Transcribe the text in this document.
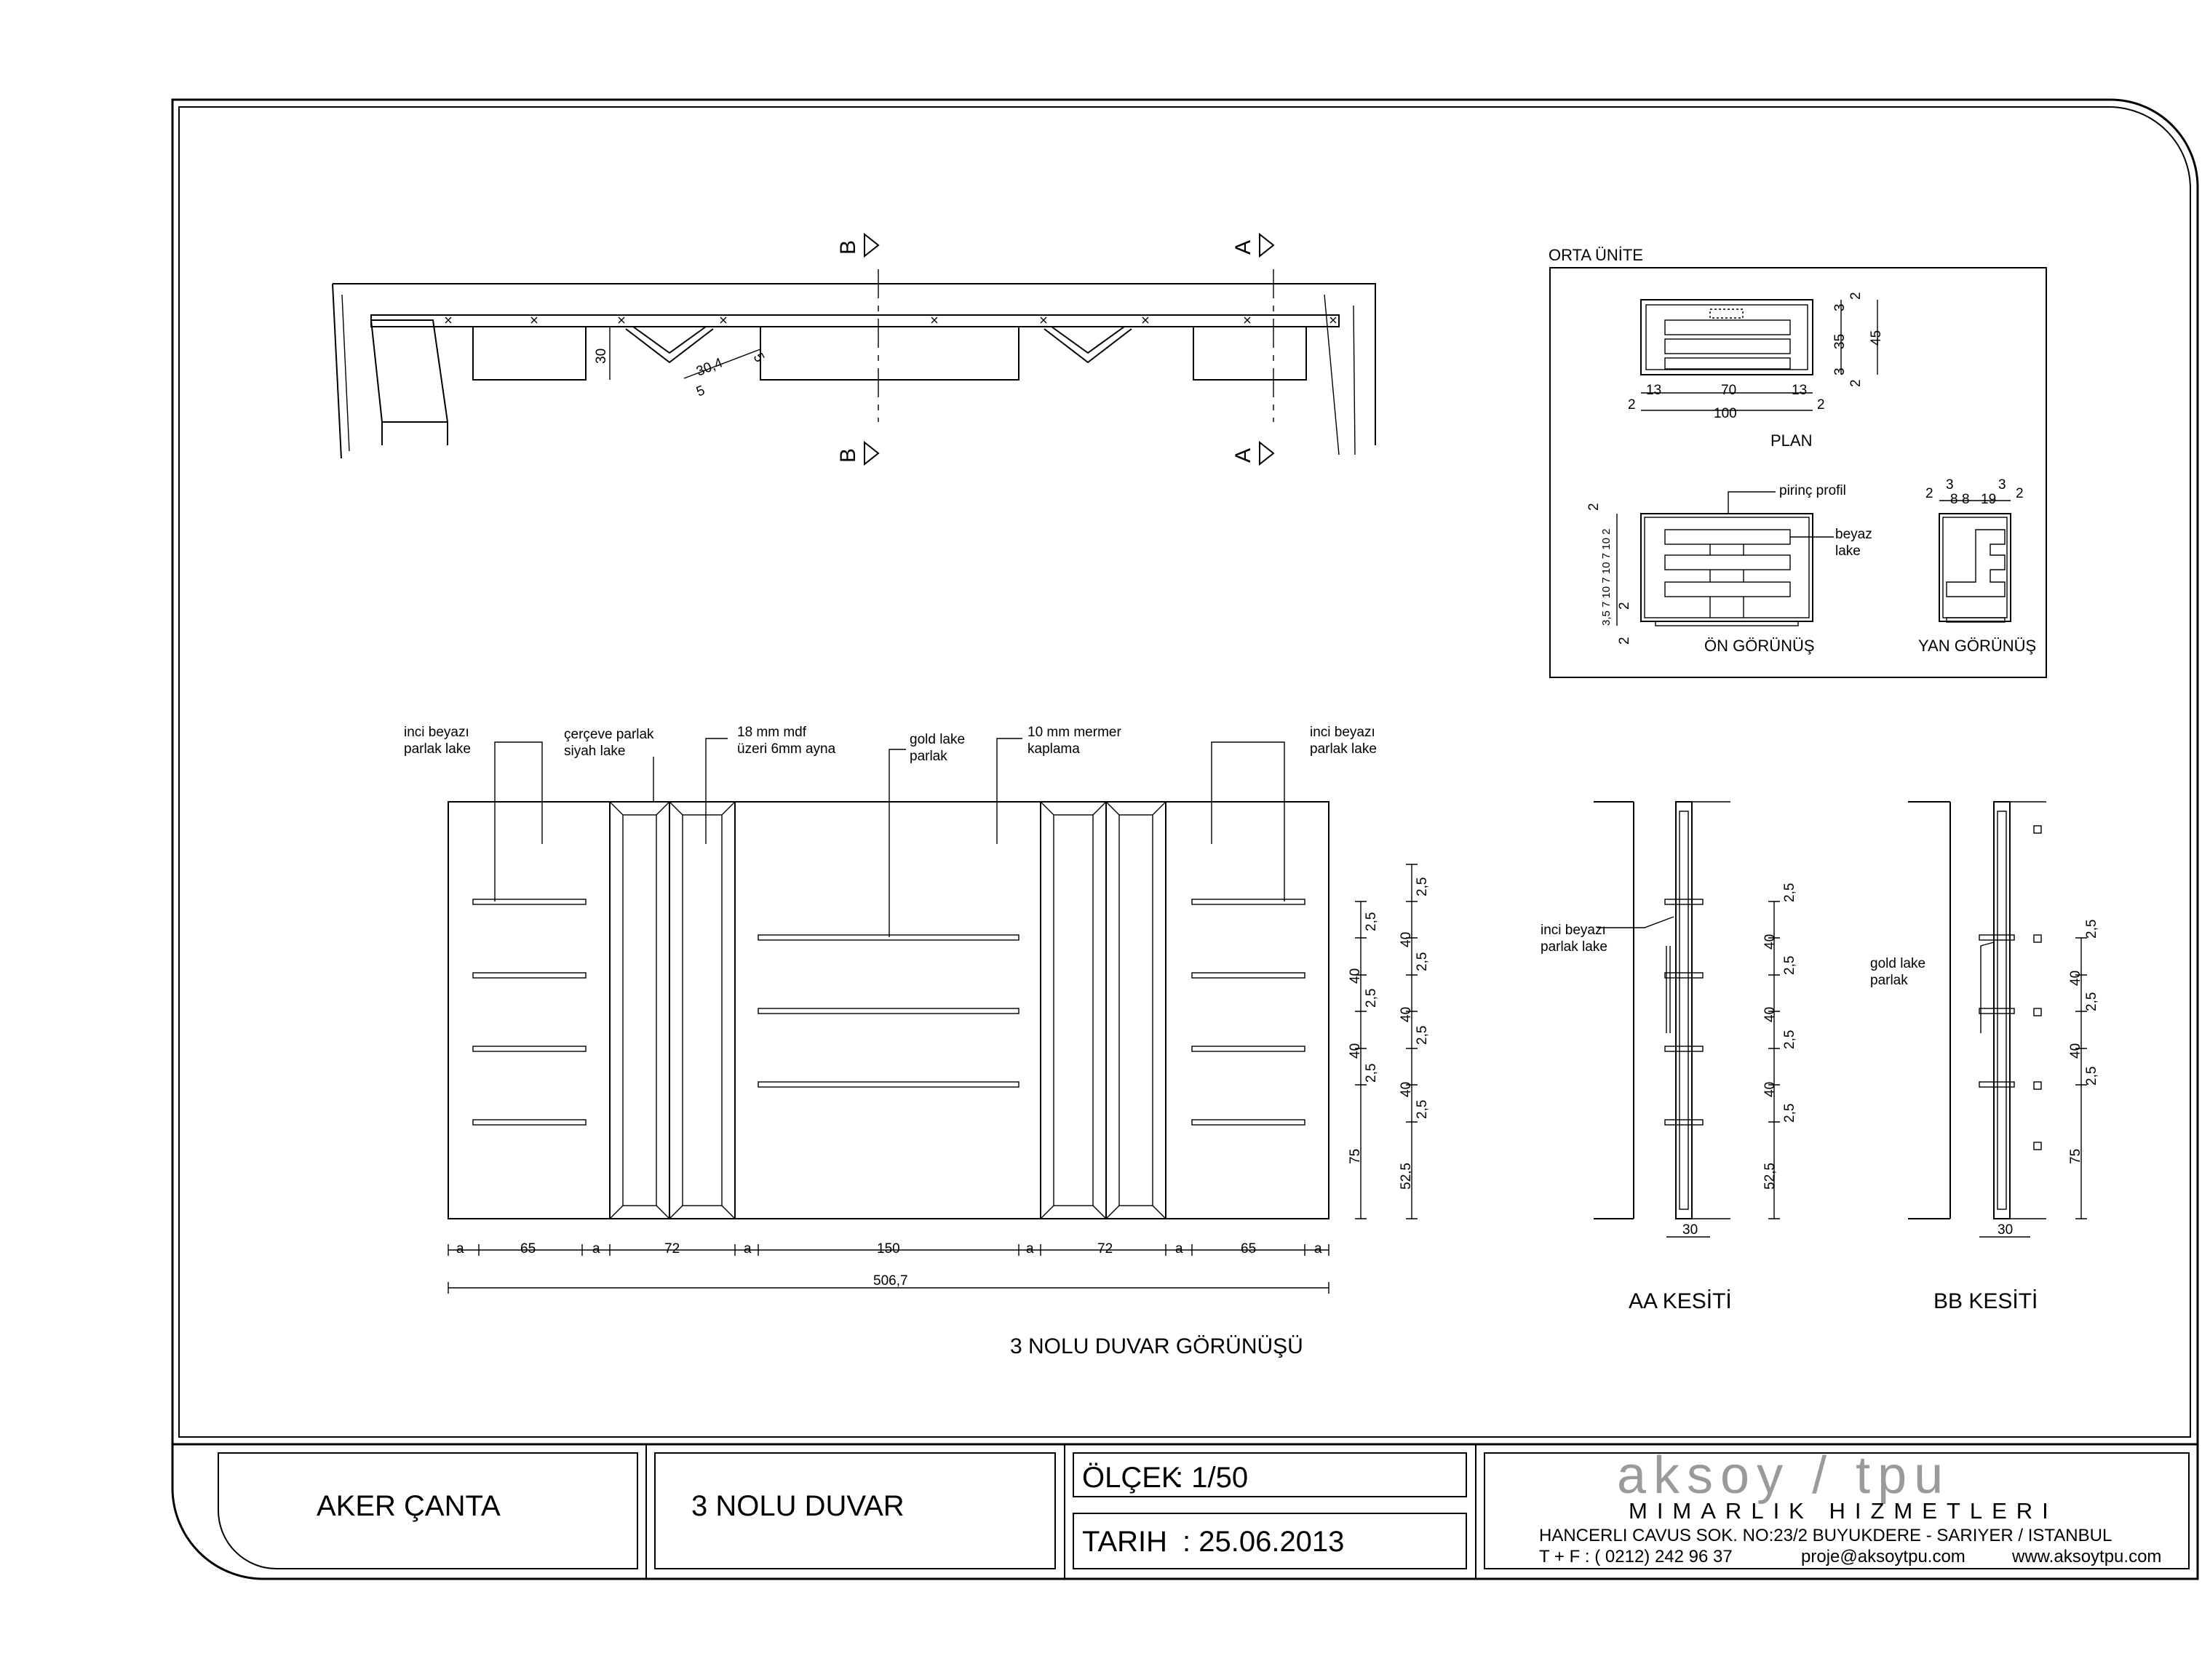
AKER ÇANTA	3 NOLU DUVAR
ÖLÇEK
: 1/50
TARIH : 25.06.2013
aksoy / tpu
MIMARLIK HIZMETLERI
HANCERLI CAVUS SOK. NO:23/2 BUYUKDERE - SARIYER / ISTANBUL
T + F : ( 0212) 242 96 37	proje@aksoytpu.com	www.aksoytpu.com
B
B
A
A
30	30,4
5
5
ORTA ÜNİTE
13	70	13
2	2
100
PLAN
2
3
35
3
2
45
pirinç profil
beyaz
lake
3,5 7 10 7 10 7 10 2
2
2
2	ÖN GÖRÜNÜŞ
2
3
8 8 19
3
2
YAN GÖRÜNÜŞ
inci beyazı
parlak lake
çerçeve parlak
siyah lake
18 mm mdf
üzeri 6mm ayna
gold lake
parlak
10 mm mermer
kaplama
inci beyazı
parlak lake
a	65	a	72	a	150	a	72	a	65	a
506,7
2,5
40
2,5
40
2,5
75
2,5
40
2,5
40
2,5
40
2,5
52,5
3 NOLU DUVAR GÖRÜNÜŞÜ
inci beyazı
parlak lake
30
2,5
40
2,5
40
2,5
40
2,5
52,5
AA KESİTİ
gold lake
parlak
30
2,5
40
2,5
40
2,5
75
BB KESİTİ
